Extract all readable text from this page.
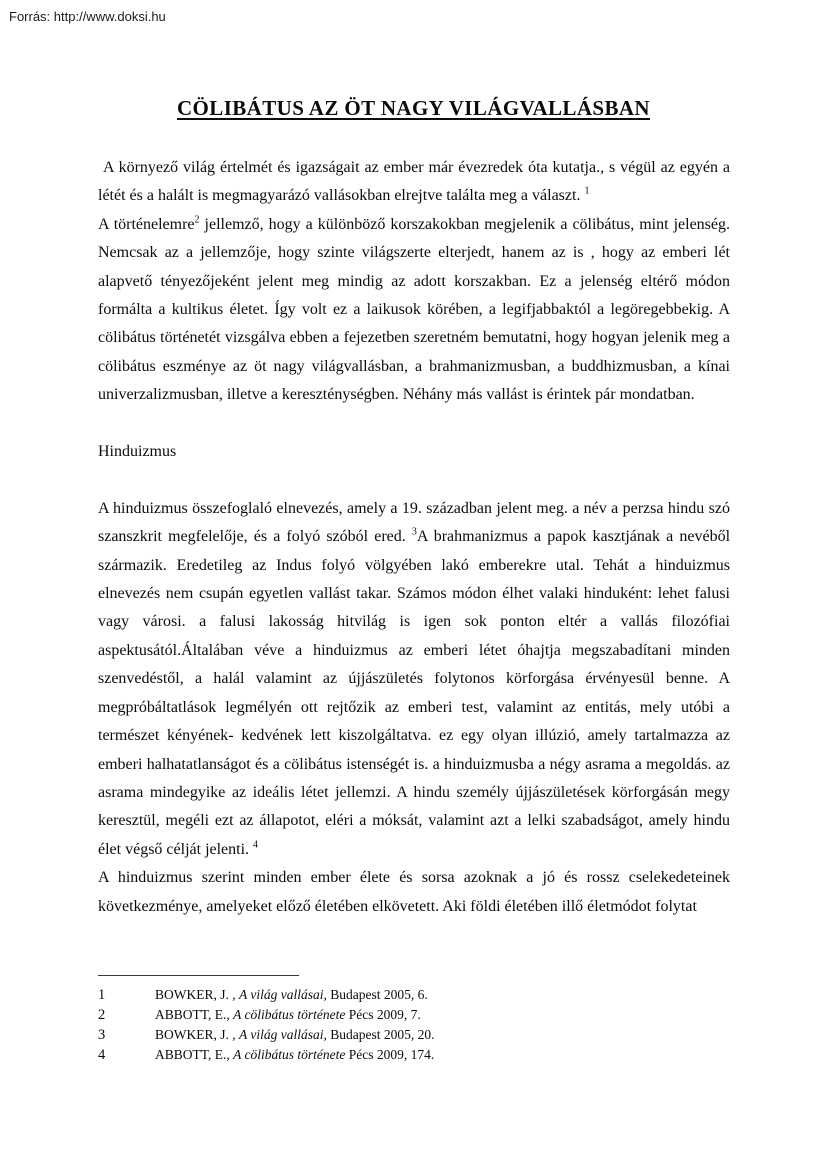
Forrás: http://www.doksi.hu
CÖLIBÁTUS AZ ÖT NAGY VILÁGVALLÁSBAN

A környező világ értelmét és igazságait az ember már évezredek óta kutatja., s végül az egyén a létét és a halált is megmagyarázó vallásokban elrejtve találta meg a választ. $^1$

A történelemre$^2$ jellemző, hogy a különböző korszakokban megjelenik a cölibátus, mint jelenség. Nemcsak az a jellemzője, hogy szinte világszerte elterjedt, hanem az is , hogy az emberi lét alapvető tényezőjeként jelent meg mindig az adott korszakban. Ez a jelenség eltérő módon formálta a kultikus életet. Így volt ez a laikusok körében, a legifjabbaktól a legöregebbekig. A cölibátus történetét vizsgálva ebben a fejezetben szeretném bemutatni, hogy hogyan jelenik meg a cölibátus eszménye az öt nagy világvallásban, a brahmanizmusban, a buddhizmusban, a kínai univerzalizmusban, illetve a kereszténységben. Néhány más vallást is érintek pár mondatban.

Hinduizmus

A hinduizmus összefoglaló elnevezés, amely a 19. században jelent meg. a név a perzsa hindu szó szanszkrit megfelelője, és a folyó szóból ered. $^3$A brahmanizmus a papok kasztjának a nevéből származik. Eredetileg az Indus folyó völgyében lakó emberekre utal. Tehát a hinduizmus elnevezés nem csupán egyetlen vallást takar. Számos módon élhet valaki hinduként: lehet falusi vagy városi. a falusi lakosság hitvilág is igen sok ponton eltér a vallás filozófiai aspektusától.Általában véve a hinduizmus az emberi létet óhajtja megszabadítani minden szenvedéstől, a halál valamint az újjászületés folytonos körforgása érvényesül benne. A megpróbáltatlások legmélyén ott rejtőzik az emberi test, valamint az entitás, mely utóbi a természet kényének- kedvének lett kiszolgáltatva. ez egy olyan illúzió, amely tartalmazza az emberi halhatatlanságot és a cölibátus istenségét is. a hinduizmusba a négy asrama a megoldás. az asrama mindegyike az ideális létet jellemzi. A hindu személy újjászületések körforgásán megy keresztül, megéli ezt az állapotot, eléri a móksát, valamint azt a lelki szabadságot, amely hindu élet végső célját jelenti. $^4$

A hinduizmus szerint minden ember élete és sorsa azoknak a jó és rossz cselekedeteinek következménye, amelyeket előző életében elkövetett. Aki földi életében illő életmódot folytat

1	BOWKER, J. , A világ vallásai, Budapest 2005, 6.
2	ABBOTT, E., A cölibátus története Pécs 2009, 7.
3	BOWKER, J. , A világ vallásai, Budapest 2005, 20.
4	ABBOTT, E., A cölibátus története Pécs 2009, 174.
